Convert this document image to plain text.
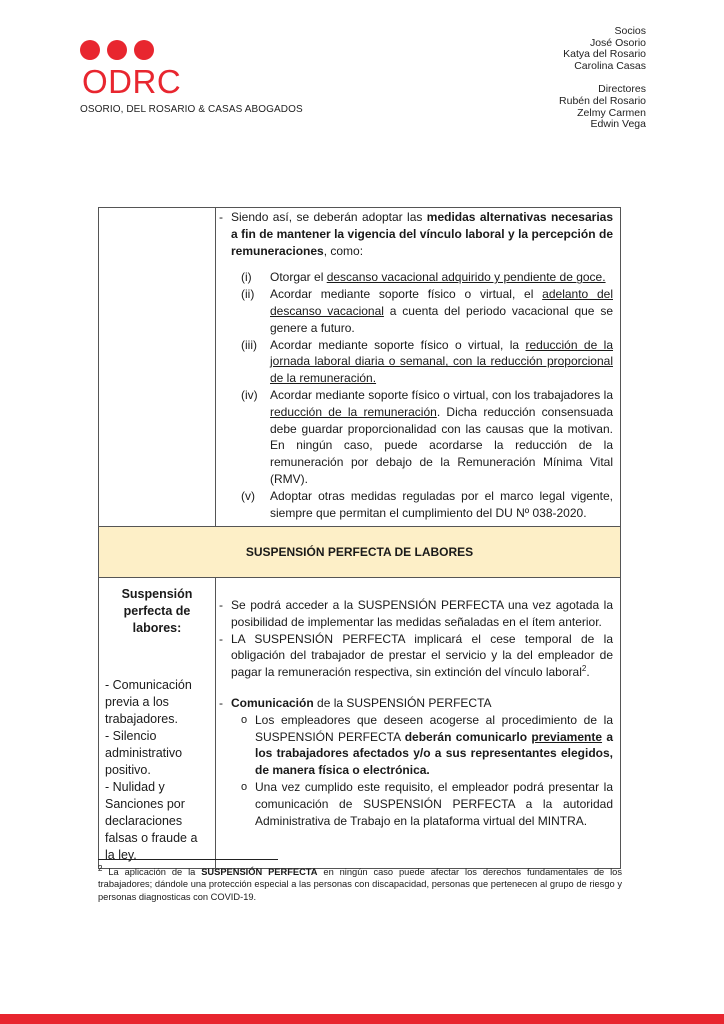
ODRC
OSORIO, DEL ROSARIO & CASAS ABOGADOS
Socios
José Osorio
Katya del Rosario
Carolina Casas
Directores
Rubén del Rosario
Zelmy Carmen
Edwin Vega
- Siendo así, se deberán adoptar las medidas alternativas necesarias a fin de mantener la vigencia del vínculo laboral y la percepción de remuneraciones, como:
(i)	Otorgar el descanso vacacional adquirido y pendiente de goce.
(ii)	Acordar mediante soporte físico o virtual, el adelanto del descanso vacacional a cuenta del periodo vacacional que se genere a futuro.
(iii)	Acordar mediante soporte físico o virtual, la reducción de la jornada laboral diaria o semanal, con la reducción proporcional de la remuneración.
(iv)	Acordar mediante soporte físico o virtual, con los trabajadores la reducción de la remuneración. Dicha reducción consensuada debe guardar proporcionalidad con las causas que la motivan. En ningún caso, puede acordarse la reducción de la remuneración por debajo de la Remuneración Mínima Vital (RMV).
(v)	Adoptar otras medidas reguladas por el marco legal vigente, siempre que permitan el cumplimiento del DU Nº 038-2020.
SUSPENSIÓN PERFECTA DE LABORES
Suspensión perfecta de labores:
- Comunicación previa a los trabajadores.
- Silencio administrativo positivo.
- Nulidad y Sanciones por declaraciones falsas o fraude a la ley.
- Se podrá acceder a la SUSPENSIÓN PERFECTA una vez agotada la posibilidad de implementar las medidas señaladas en el ítem anterior.
- LA SUSPENSIÓN PERFECTA implicará el cese temporal de la obligación del trabajador de prestar el servicio y la del empleador de pagar la remuneración respectiva, sin extinción del vínculo laboral$^2$.
- Comunicación de la SUSPENSIÓN PERFECTA
o Los empleadores que deseen acogerse al procedimiento de la SUSPENSIÓN PERFECTA deberán comunicarlo previamente a los trabajadores afectados y/o a sus representantes elegidos, de manera física o electrónica.
o Una vez cumplido este requisito, el empleador podrá presentar la comunicación de SUSPENSIÓN PERFECTA a la autoridad Administrativa de Trabajo en la plataforma virtual del MINTRA.
$^2$ La aplicación de la SUSPENSIÓN PERFECTA en ningún caso puede afectar los derechos fundamentales de los trabajadores; dándole una protección especial a las personas con discapacidad, personas que pertenecen al grupo de riesgo y personas diagnosticas con COVID-19.
